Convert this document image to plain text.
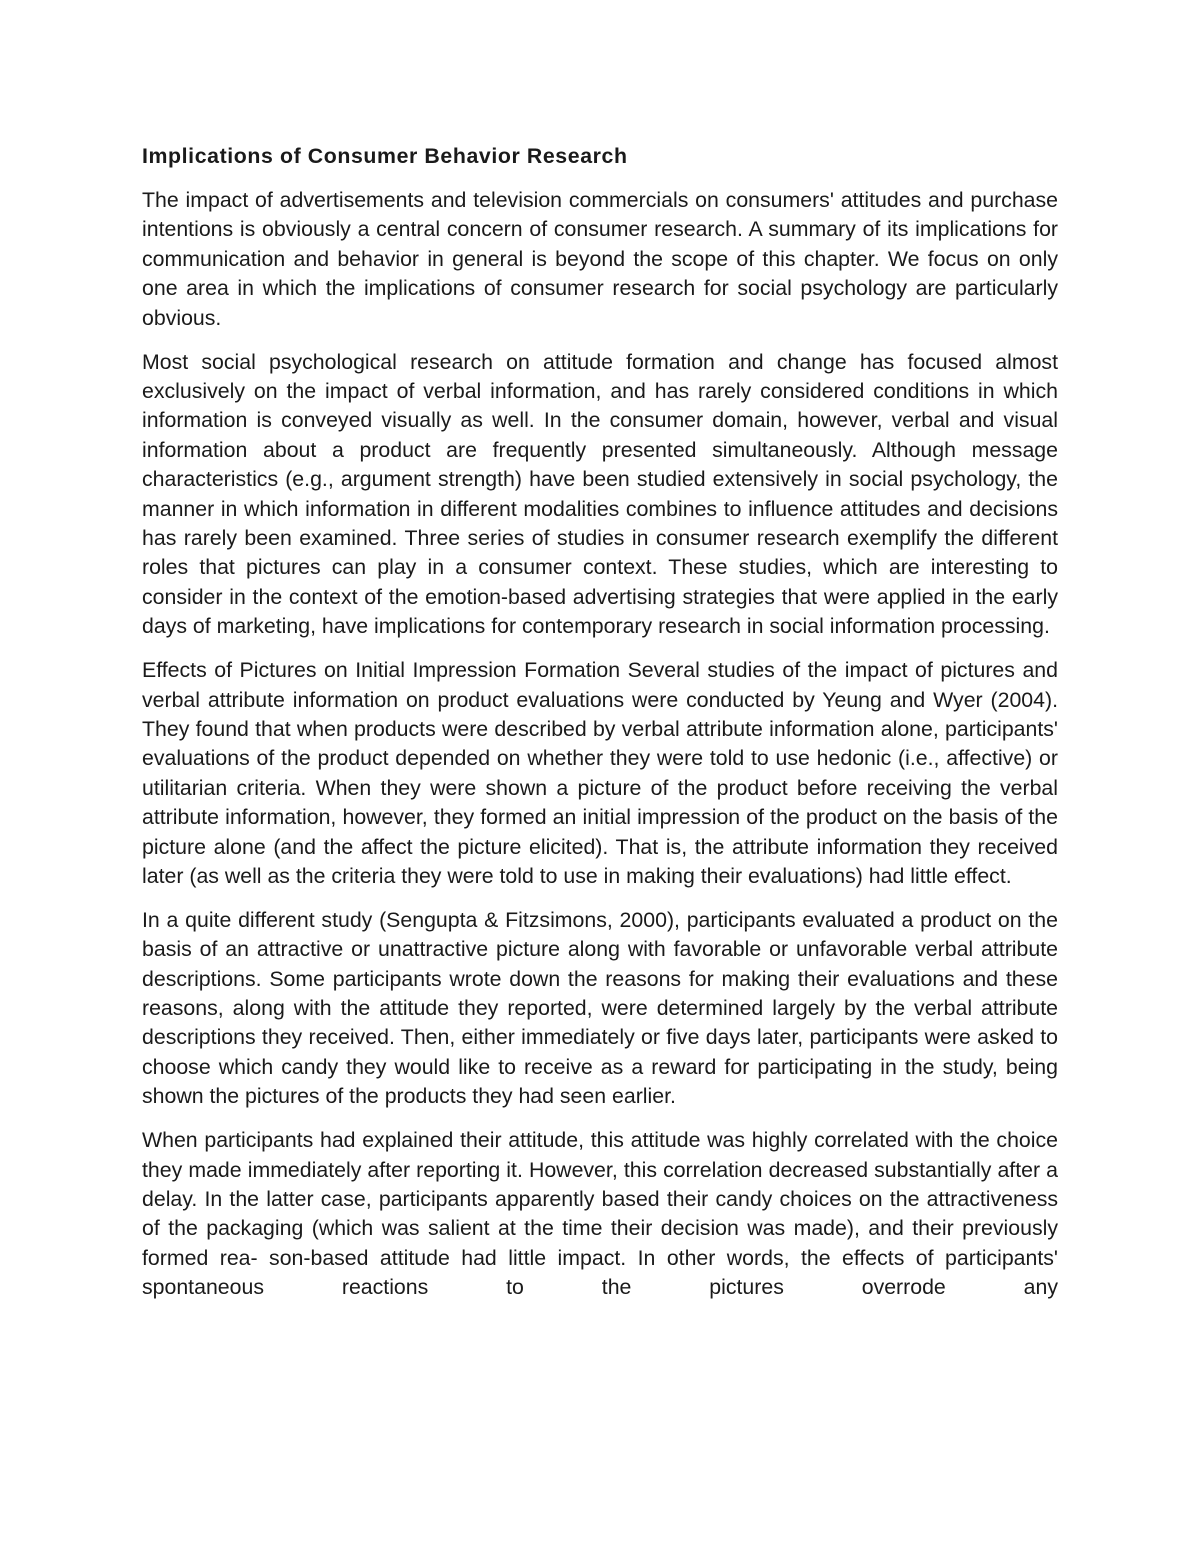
Implications of Consumer Behavior Research

The impact of advertisements and television commercials on consumers' attitudes and purchase intentions is obviously a central concern of consumer research. A summary of its implications for communication and behavior in general is beyond the scope of this chapter. We focus on only one area in which the implications of consumer research for social psychology are particularly obvious.

Most social psychological research on attitude formation and change has focused almost exclusively on the impact of verbal information, and has rarely considered conditions in which information is conveyed visually as well. In the consumer domain, however, verbal and visual information about a product are frequently presented simultaneously. Although message characteristics (e.g., argument strength) have been studied extensively in social psychology, the manner in which information in different modalities combines to influence attitudes and decisions has rarely been examined. Three series of studies in consumer research exemplify the different roles that pictures can play in a consumer context. These studies, which are interesting to consider in the context of the emotion-based advertising strategies that were applied in the early days of marketing, have implications for contemporary research in social information processing.

Effects of Pictures on Initial Impression Formation Several studies of the impact of pictures and verbal attribute information on product evaluations were conducted by Yeung and Wyer (2004). They found that when products were described by verbal attribute information alone, participants' evaluations of the product depended on whether they were told to use hedonic (i.e., affective) or utilitarian criteria. When they were shown a picture of the product before receiving the verbal attribute information, however, they formed an initial impression of the product on the basis of the picture alone (and the affect the picture elicited). That is, the attribute information they received later (as well as the criteria they were told to use in making their evaluations) had little effect.

In a quite different study (Sengupta & Fitzsimons, 2000), participants evaluated a product on the basis of an attractive or unattractive picture along with favorable or unfavorable verbal attribute descriptions. Some participants wrote down the reasons for making their evaluations and these reasons, along with the attitude they reported, were determined largely by the verbal attribute descriptions they received. Then, either immediately or five days later, participants were asked to choose which candy they would like to receive as a reward for participating in the study, being shown the pictures of the products they had seen earlier.

When participants had explained their attitude, this attitude was highly correlated with the choice they made immediately after reporting it. However, this correlation decreased substantially after a delay. In the latter case, participants apparently based their candy choices on the attractiveness of the packaging (which was salient at the time their decision was made), and their previously formed rea- son-based attitude had little impact. In other words, the effects of participants' spontaneous reactions to the pictures overrode any
